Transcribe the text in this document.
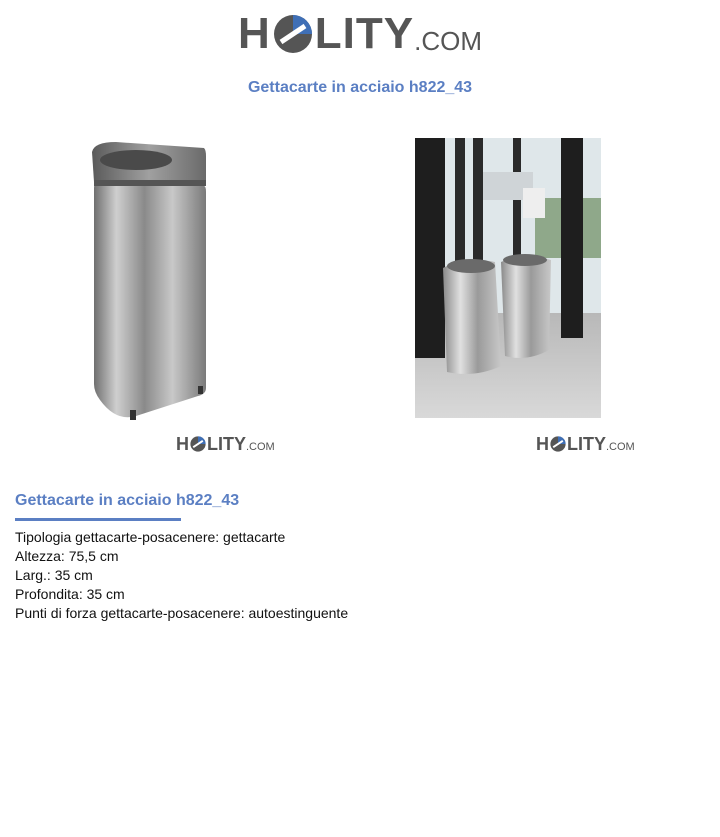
H LITY .COM
Gettacarte in acciaio h822_43
H LITY .COM	H LITY .COM
Gettacarte in acciaio h822_43
Tipologia gettacarte-posacenere: gettacarte
Altezza: 75,5 cm
Larg.: 35 cm
Profondita: 35 cm
Punti di forza gettacarte-posacenere: autoestinguente
